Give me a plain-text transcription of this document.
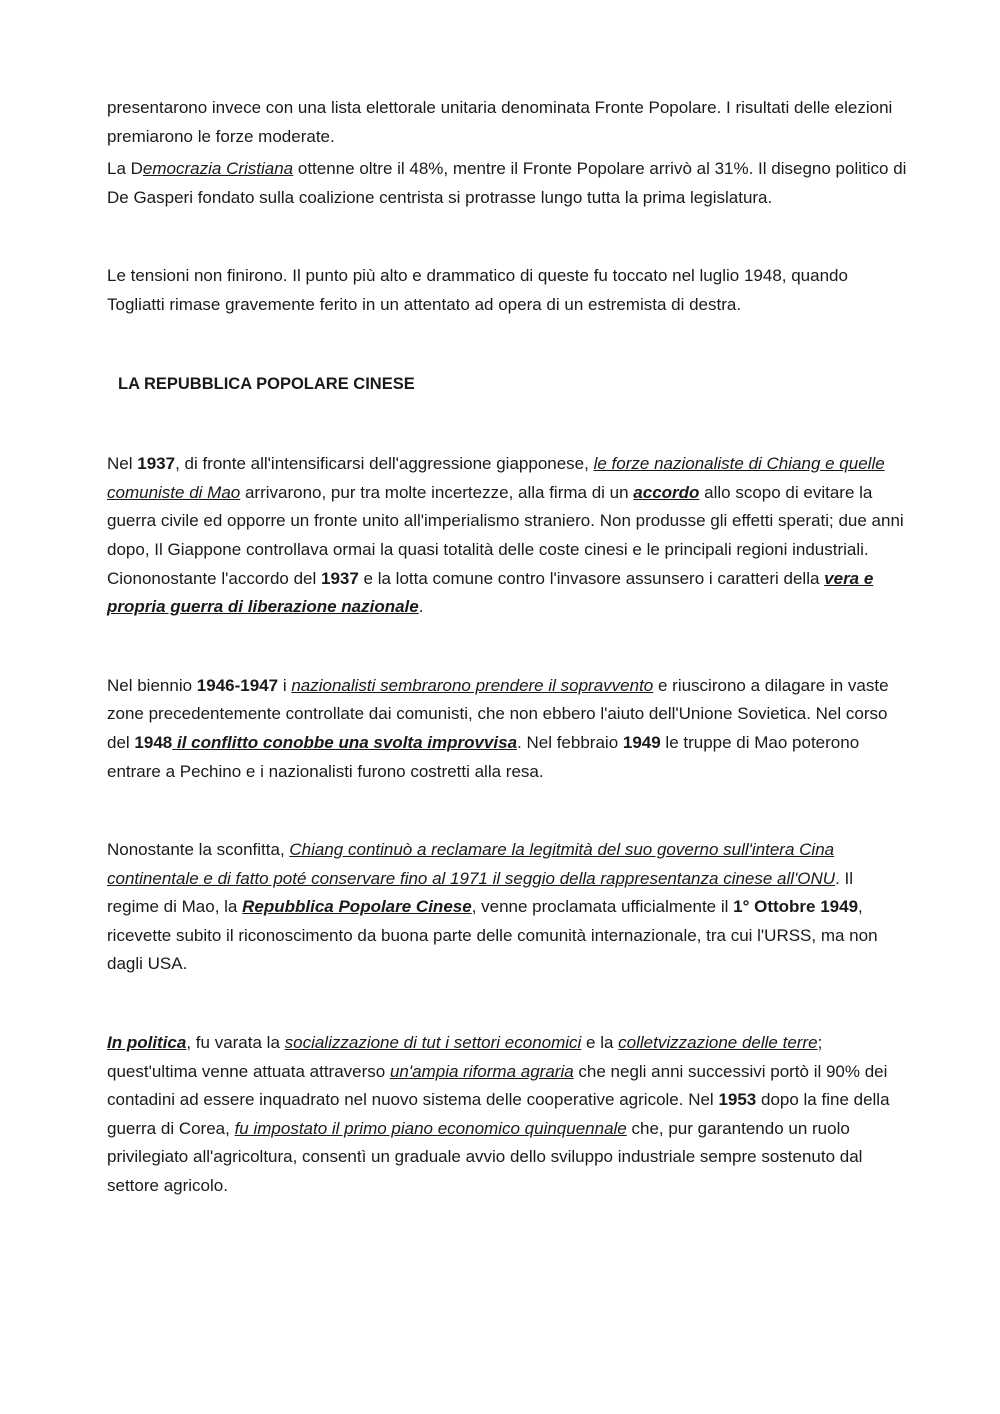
presentarono invece con una lista elettorale unitaria denominata Fronte Popolare. I risultati delle elezioni premiarono le forze moderate.

La Democrazia Cristiana ottenne oltre il 48%, mentre il Fronte Popolare arrivò al 31%. Il disegno politico di De Gasperi fondato sulla coalizione centrista si protrasse lungo tutta la prima legislatura.

Le tensioni non finirono. Il punto più alto e drammatico di queste fu toccato nel luglio 1948, quando Togliatti rimase gravemente ferito in un attentato ad opera di un estremista di destra.

LA REPUBBLICA POPOLARE CINESE

Nel 1937, di fronte all'intensificarsi dell'aggressione giapponese, le forze nazionaliste di Chiang e quelle comuniste di Mao arrivarono, pur tra molte incertezze, alla firma di un accordo allo scopo di evitare la guerra civile ed opporre un fronte unito all'imperialismo straniero. Non produsse gli effetti sperati; due anni dopo, Il Giappone controllava ormai la quasi totalità delle coste cinesi e le principali regioni industriali.

Ciononostante l'accordo del 1937 e la lotta comune contro l'invasore assunsero i caratteri della vera e propria guerra di liberazione nazionale.

Nel biennio 1946-1947 i nazionalisti sembrarono prendere il sopravvento e riuscirono a dilagare in vaste zone precedentemente controllate dai comunisti, che non ebbero l'aiuto dell'Unione Sovietica. Nel corso del 1948 il conflitto conobbe una svolta improvvisa. Nel febbraio 1949 le truppe di Mao poterono entrare a Pechino e i nazionalisti furono costretti alla resa.

Nonostante la sconfitta, Chiang continuò a reclamare la legitmità del suo governo sull'intera Cina continentale e di fatto poté conservare fino al 1971 il seggio della rappresentanza cinese all'ONU. Il regime di Mao, la Repubblica Popolare Cinese, venne proclamata ufficialmente il 1° Ottobre 1949, ricevette subito il riconoscimento da buona parte delle comunità internazionale, tra cui l'URSS, ma non dagli USA.

In politica, fu varata la socializzazione di tut i settori economici e la colletvizzazione delle terre; quest'ultima venne attuata attraverso un'ampia riforma agraria che negli anni successivi portò il 90% dei contadini ad essere inquadrato nel nuovo sistema delle cooperative agricole. Nel 1953 dopo la fine della guerra di Corea, fu impostato il primo piano economico quinquennale che, pur garantendo un ruolo privilegiato all'agricoltura, consentì un graduale avvio dello sviluppo industriale sempre sostenuto dal settore agricolo.
